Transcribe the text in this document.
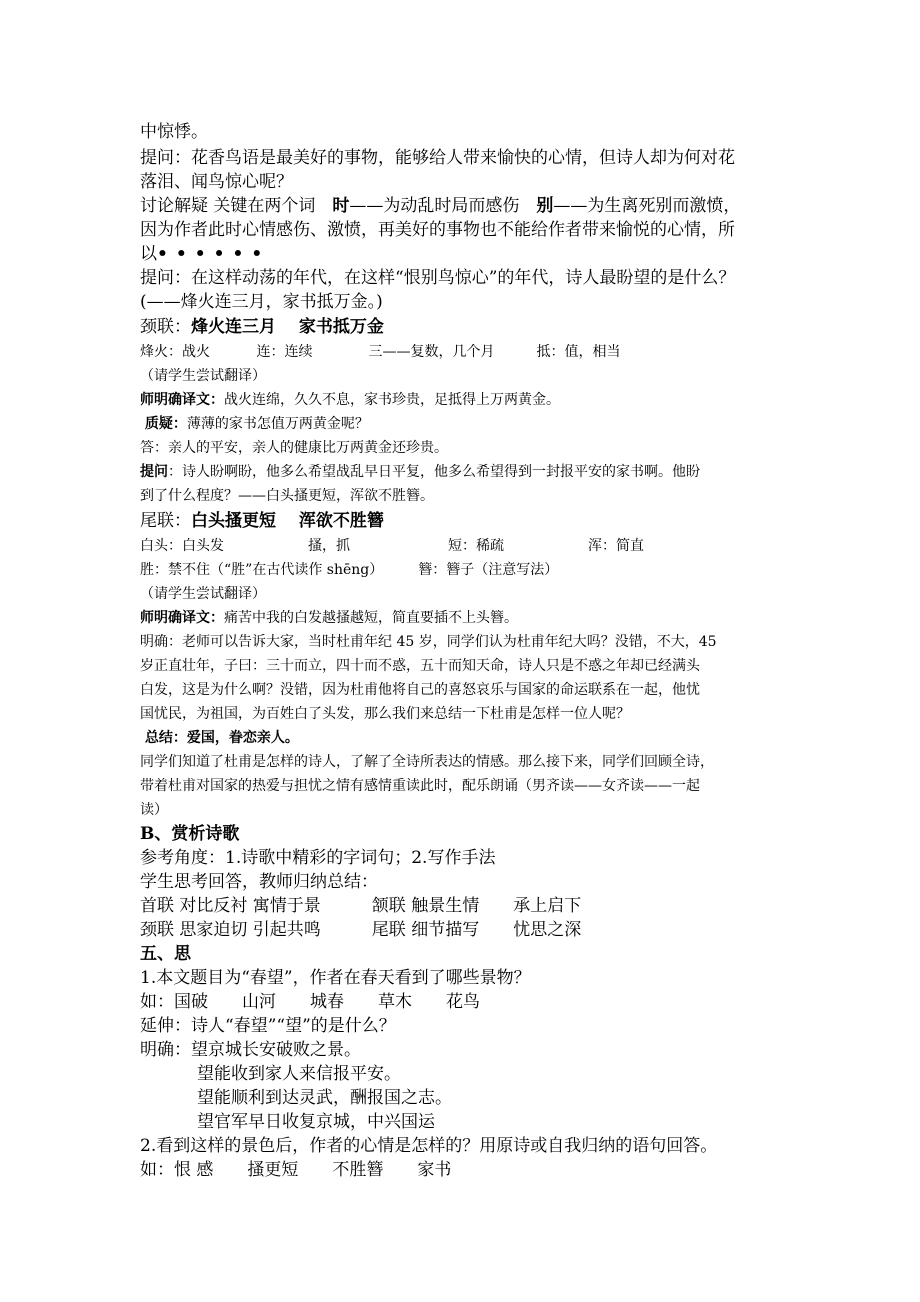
中惊悸。
提问：花香鸟语是最美好的事物，能够给人带来愉快的心情，但诗人却为何对花
落泪、闻鸟惊心呢？
讨论解疑 关键在两个词　时——为动乱时局而感伤　别——为生离死别而激愤，
因为作者此时心情感伤、激愤，再美好的事物也不能给作者带来愉悦的心情，所
以••••••
提问：在这样动荡的年代，在这样“恨别鸟惊心”的年代，诗人最盼望的是什么？
(——烽火连三月，家书抵万金。)
颈联：烽火连三月　 家书抵万金
烽火：战火　　　 连：连续　　　　三——复数，几个月　　　抵：值，相当
（请学生尝试翻译）
师明确译文：战火连绵，久久不息，家书珍贵，足抵得上万两黄金。
质疑：薄薄的家书怎值万两黄金呢？
答：亲人的平安，亲人的健康比万两黄金还珍贵。
提问：诗人盼啊盼，他多么希望战乱早日平复，他多么希望得到一封报平安的家书啊。他盼
到了什么程度？——白头搔更短，浑欲不胜簪。
尾联：白头搔更短　 浑欲不胜簪
白头：白头发　　　　　　搔，抓　　　　　　　短：稀疏　　　　　　浑：简直
胜：禁不住（“胜”在古代读作 shēng）　　　簪：簪子（注意写法）
（请学生尝试翻译）
师明确译文：痛苦中我的白发越搔越短，简直要插不上头簪。
明确：老师可以告诉大家，当时杜甫年纪 45 岁，同学们认为杜甫年纪大吗？没错，不大，45
岁正直壮年，子曰：三十而立，四十而不惑，五十而知天命，诗人只是不惑之年却已经满头
白发，这是为什么啊？没错，因为杜甫他将自己的喜怒哀乐与国家的命运联系在一起，他忧
国忧民，为祖国，为百姓白了头发，那么我们来总结一下杜甫是怎样一位人呢？
总结：爱国，眷恋亲人。
同学们知道了杜甫是怎样的诗人，了解了全诗所表达的情感。那么接下来，同学们回顾全诗，
带着杜甫对国家的热爱与担忧之情有感情重读此时，配乐朗诵（男齐读——女齐读——一起
读）
B、赏析诗歌
参考角度：1.诗歌中精彩的字词句；2.写作手法
学生思考回答，教师归纳总结：
首联 对比反衬 寓情于景　　　颔联 触景生情　　承上启下
颈联 思家迫切 引起共鸣　　　尾联 细节描写　　忧思之深
五、思
1.本文题目为“春望”，作者在春天看到了哪些景物？
如：国破　　山河　　城春　　草木　　花鸟
延伸：诗人“春望”“望”的是什么？
明确：望京城长安破败之景。
望能收到家人来信报平安。
望能顺利到达灵武，酬报国之志。
望官军早日收复京城，中兴国运
2.看到这样的景色后，作者的心情是怎样的？用原诗或自我归纳的语句回答。
如：恨 感　　搔更短　　不胜簪　　家书
